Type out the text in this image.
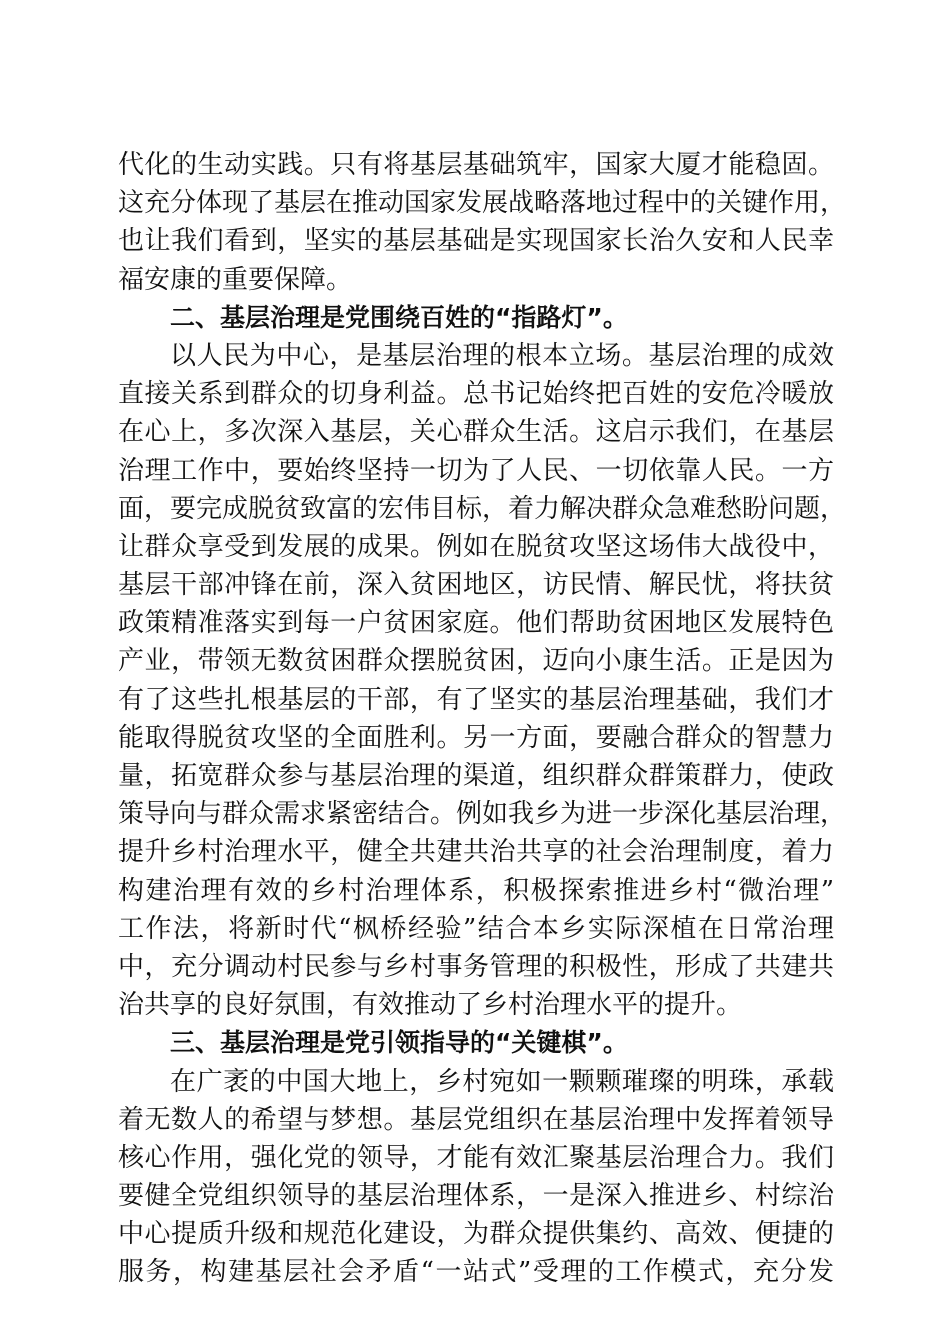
代化的生动实践。只有将基层基础筑牢，国家大厦才能稳固。
这充分体现了基层在推动国家发展战略落地过程中的关键作用，
也让我们看到，坚实的基层基础是实现国家长治久安和人民幸
福安康的重要保障。
二、基层治理是党围绕百姓的“指路灯”。
以人民为中心，是基层治理的根本立场。基层治理的成效
直接关系到群众的切身利益。总书记始终把百姓的安危冷暖放
在心上，多次深入基层，关心群众生活。这启示我们，在基层
治理工作中，要始终坚持一切为了人民、一切依靠人民。一方
面，要完成脱贫致富的宏伟目标，着力解决群众急难愁盼问题，
让群众享受到发展的成果。例如在脱贫攻坚这场伟大战役中，
基层干部冲锋在前，深入贫困地区，访民情、解民忧，将扶贫
政策精准落实到每一户贫困家庭。他们帮助贫困地区发展特色
产业，带领无数贫困群众摆脱贫困，迈向小康生活。正是因为
有了这些扎根基层的干部，有了坚实的基层治理基础，我们才
能取得脱贫攻坚的全面胜利。另一方面，要融合群众的智慧力
量，拓宽群众参与基层治理的渠道，组织群众群策群力，使政
策导向与群众需求紧密结合。例如我乡为进一步深化基层治理，
提升乡村治理水平，健全共建共治共享的社会治理制度，着力
构建治理有效的乡村治理体系，积极探索推进乡村“微治理”
工作法，将新时代“枫桥经验”结合本乡实际深植在日常治理
中，充分调动村民参与乡村事务管理的积极性，形成了共建共
治共享的良好氛围，有效推动了乡村治理水平的提升。
三、基层治理是党引领指导的“关键棋”。
在广袤的中国大地上，乡村宛如一颗颗璀璨的明珠，承载
着无数人的希望与梦想。基层党组织在基层治理中发挥着领导
核心作用，强化党的领导，才能有效汇聚基层治理合力。我们
要健全党组织领导的基层治理体系，一是深入推进乡、村综治
中心提质升级和规范化建设，为群众提供集约、高效、便捷的
服务，构建基层社会矛盾“一站式”受理的工作模式，充分发
